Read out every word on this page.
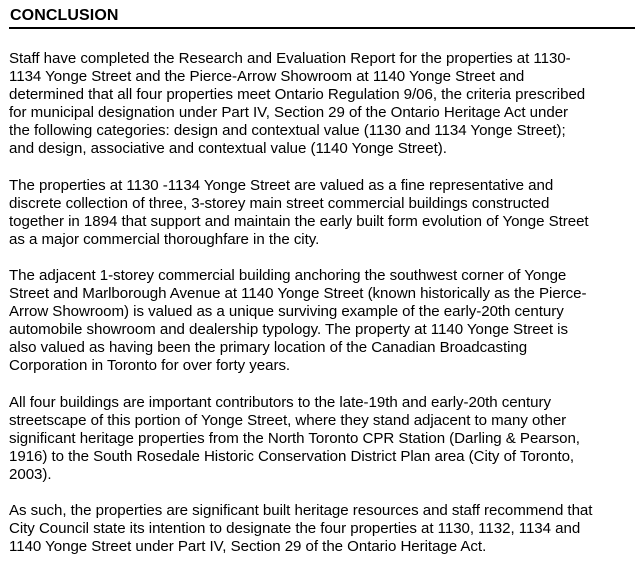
CONCLUSION

Staff have completed the Research and Evaluation Report for the properties at 1130-
1134 Yonge Street and the Pierce-Arrow Showroom at 1140 Yonge Street and
determined that all four properties meet Ontario Regulation 9/06, the criteria prescribed
for municipal designation under Part IV, Section 29 of the Ontario Heritage Act under
the following categories: design and contextual value (1130 and 1134 Yonge Street);
and design, associative and contextual value (1140 Yonge Street).

The properties at 1130 -1134 Yonge Street are valued as a fine representative and
discrete collection of three, 3-storey main street commercial buildings constructed
together in 1894 that support and maintain the early built form evolution of Yonge Street
as a major commercial thoroughfare in the city.

The adjacent 1-storey commercial building anchoring the southwest corner of Yonge
Street and Marlborough Avenue at 1140 Yonge Street (known historically as the Pierce-
Arrow Showroom) is valued as a unique surviving example of the early-20th century
automobile showroom and dealership typology. The property at 1140 Yonge Street is
also valued as having been the primary location of the Canadian Broadcasting
Corporation in Toronto for over forty years.

All four buildings are important contributors to the late-19th and early-20th century
streetscape of this portion of Yonge Street, where they stand adjacent to many other
significant heritage properties from the North Toronto CPR Station (Darling & Pearson,
1916) to the South Rosedale Historic Conservation District Plan area (City of Toronto,
2003).

As such, the properties are significant built heritage resources and staff recommend that
City Council state its intention to designate the four properties at 1130, 1132, 1134 and
1140 Yonge Street under Part IV, Section 29 of the Ontario Heritage Act.
